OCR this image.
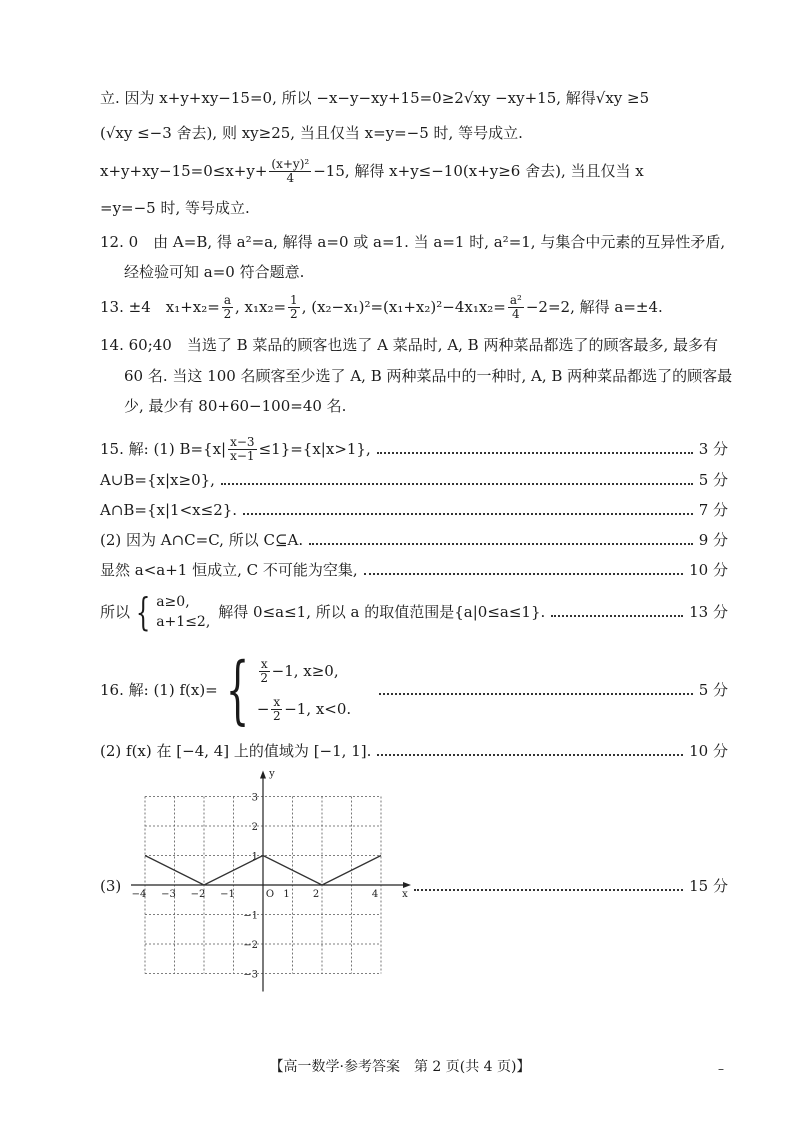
立. 因为 x+y+xy−15=0, 所以 −x−y−xy+15=0≥2√xy −xy+15, 解得√xy ≥5
(√xy ≤−3 舍去), 则 xy≥25, 当且仅当 x=y=−5 时, 等号成立.
$x+y+xy-15=0\le x+y+ \frac{\text{(x+y)²}}{4} -15$, 解得 x+y≤−10(x+y≥6 舍去), 当且仅当 x
=y=−5 时, 等号成立.
12. 0　由 A=B, 得 a²=a, 解得 a=0 或 a=1. 当 a=1 时, a²=1, 与集合中元素的互异性矛盾,
经检验可知 a=0 符合题意.
13. ±4　$x_1+x_2= \frac{a}{2}$ , $x_1x_2= \frac{1}{2}$ , $(x_2-x_1)^2=(x_1+x_2)^2-4x_1x_2= \frac{\text{a²}}{4} -2=2$, 解得 a=±4.
14. 60;40　当选了 B 菜品的顾客也选了 A 菜品时, A, B 两种菜品都选了的顾客最多, 最多有
60 名. 当这 100 名顾客至少选了 A, B 两种菜品中的一种时, A, B 两种菜品都选了的顾客最
少, 最少有 80+60−100=40 名.
15. 解: (1) $B=\{x| \frac{x-3}{x-1} \le 1\}=\{x|x>1\}$,	3 分
A∪B={x|x≥0},	5 分
A∩B={x|1<x≤2}.	7 分
(2) 因为 A∩C=C, 所以 C⊆A.	9 分
显然 a<a+1 恒成立, C 不可能为空集,	10 分
所以 { a≥0,
a+1≤2,
解得 0≤a≤1, 所以 a 的取值范围是{a|0≤a≤1}.	13 分
16. 解: (1) f(x)= { $\frac{x}{2} -1$, x≥0,
− $\frac{x}{2} -1$, x<0.
5 分
(2) f(x) 在 [−4, 4] 上的值域为 [−1, 1].	10 分
(3)	15 分
−4 −3 −2 −1	1 2	4
3
2
1
−1
−2
−3
O	x
y
【高一数学·参考答案　第 2 页(共 4 页)】	–
